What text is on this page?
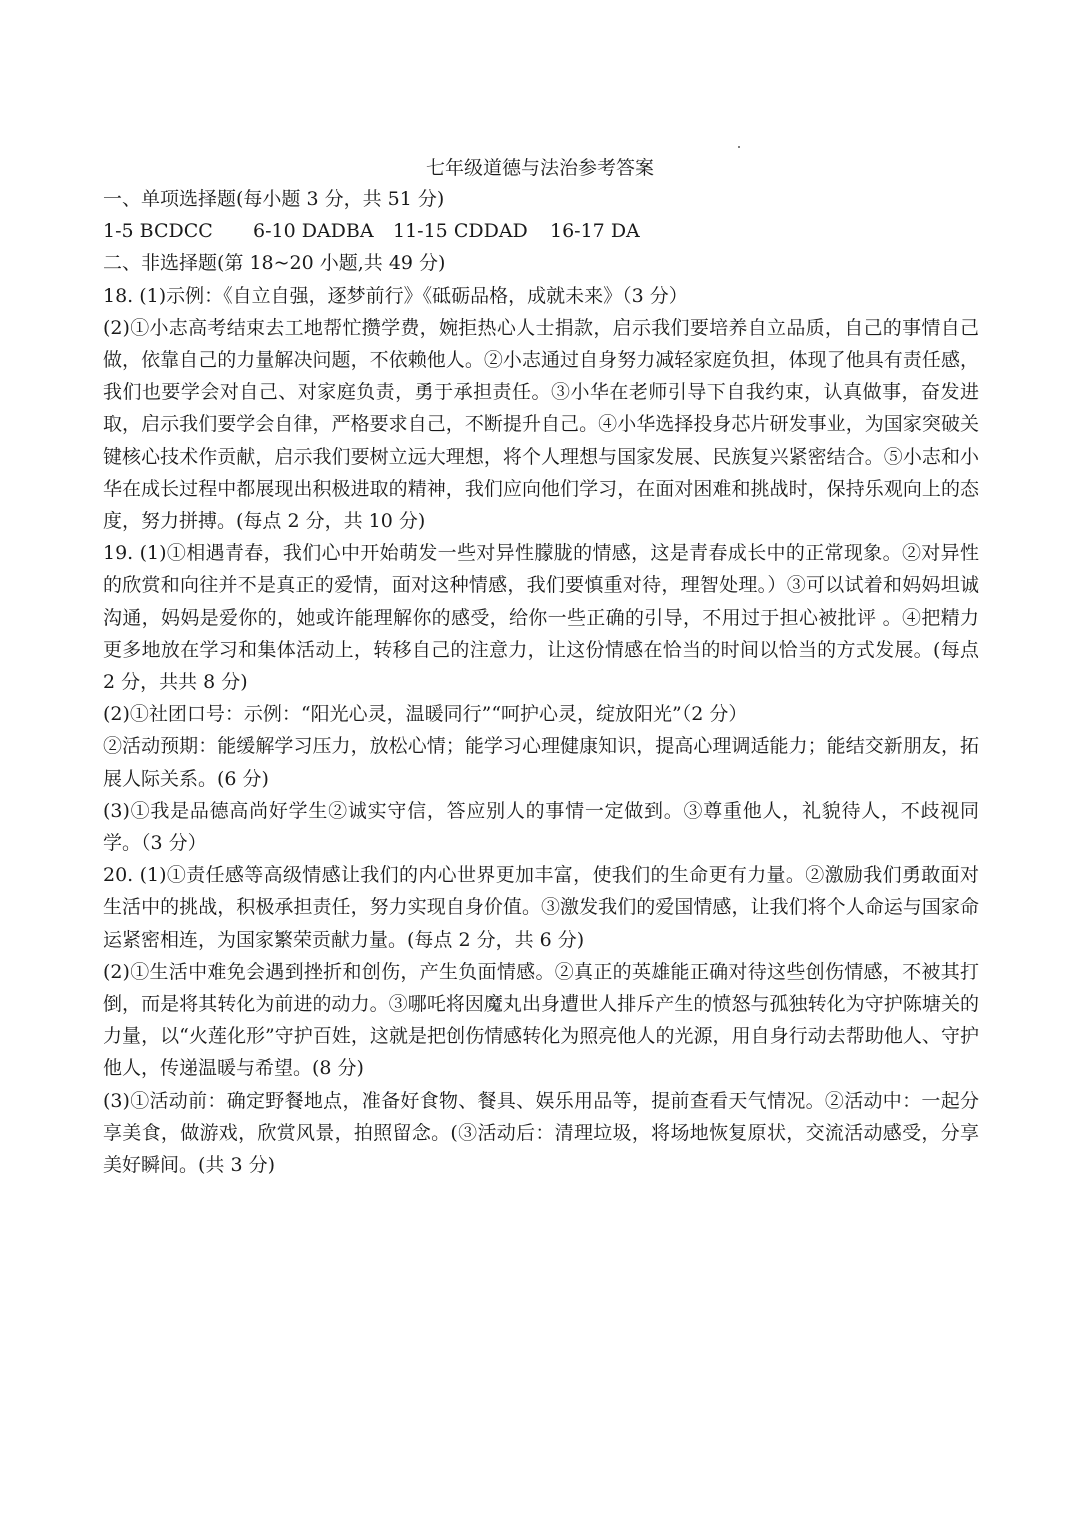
七年级道德与法治参考答案

一、单项选择题(每小题 3 分，共 51 分)

1-5 BCDCC 6-10 DADBA 11-15 CDDAD 16-17 DA

二、非选择题(第 18~20 小题,共 49 分)

18. (1)示例：《自立自强，逐梦前行》《砥砺品格，成就未来》（3 分）

(2)①小志高考结束去工地帮忙攒学费，婉拒热心人士捐款，启示我们要培养自立品质，自己的事情自己做，依靠自己的力量解决问题，不依赖他人。②小志通过自身努力减轻家庭负担，体现了他具有责任感，我们也要学会对自己、对家庭负责，勇于承担责任。③小华在老师引导下自我约束，认真做事，奋发进取，启示我们要学会自律，严格要求自己，不断提升自己。④小华选择投身芯片研发事业，为国家突破关键核心技术作贡献，启示我们要树立远大理想，将个人理想与国家发展、民族复兴紧密结合。⑤小志和小华在成长过程中都展现出积极进取的精神，我们应向他们学习，在面对困难和挑战时，保持乐观向上的态度，努力拼搏。(每点 2 分，共 10 分)

19. (1)①相遇青春，我们心中开始萌发一些对异性朦胧的情感，这是青春成长中的正常现象。②对异性的欣赏和向往并不是真正的爱情，面对这种情感，我们要慎重对待，理智处理。）③可以试着和妈妈坦诚沟通，妈妈是爱你的，她或许能理解你的感受，给你一些正确的引导，不用过于担心被批评 。④把精力更多地放在学习和集体活动上，转移自己的注意力，让这份情感在恰当的时间以恰当的方式发展。(每点 2 分，共共 8 分)

(2)①社团口号：示例：“阳光心灵，温暖同行”“呵护心灵，绽放阳光”（2 分）

②活动预期：能缓解学习压力，放松心情；能学习心理健康知识，提高心理调适能力；能结交新朋友，拓展人际关系。(6 分)

(3)①我是品德高尚好学生②诚实守信，答应别人的事情一定做到。③尊重他人，礼貌待人，不歧视同学。（3 分）

20. (1)①责任感等高级情感让我们的内心世界更加丰富，使我们的生命更有力量。②激励我们勇敢面对生活中的挑战，积极承担责任，努力实现自身价值。③激发我们的爱国情感，让我们将个人命运与国家命运紧密相连，为国家繁荣贡献力量。(每点 2 分，共 6 分)

(2)①生活中难免会遇到挫折和创伤，产生负面情感。②真正的英雄能正确对待这些创伤情感，不被其打倒，而是将其转化为前进的动力。③哪吒将因魔丸出身遭世人排斥产生的愤怒与孤独转化为守护陈塘关的力量，以“火莲化形”守护百姓，这就是把创伤情感转化为照亮他人的光源，用自身行动去帮助他人、守护他人，传递温暖与希望。(8 分)

(3)①活动前：确定野餐地点，准备好食物、餐具、娱乐用品等，提前查看天气情况。②活动中：一起分享美食，做游戏，欣赏风景，拍照留念。(③活动后：清理垃圾，将场地恢复原状，交流活动感受，分享美好瞬间。(共 3 分)
